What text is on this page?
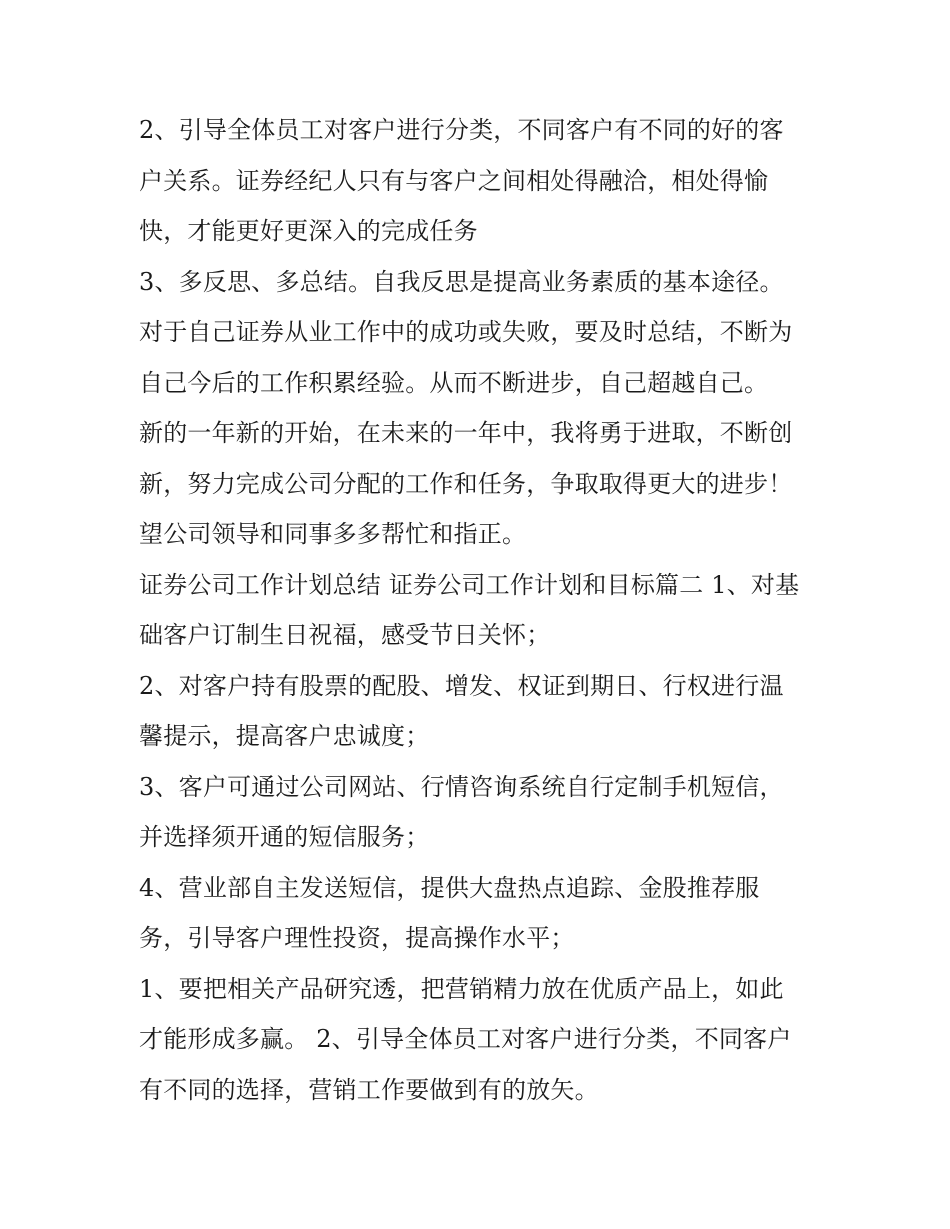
2、引导全体员工对客户进行分类，不同客户有不同的好的客
户关系。证券经纪人只有与客户之间相处得融洽，相处得愉
快，才能更好更深入的完成任务
3、多反思、多总结。自我反思是提高业务素质的基本途径。
对于自己证券从业工作中的成功或失败，要及时总结，不断为
自己今后的工作积累经验。从而不断进步，自己超越自己。
新的一年新的开始，在未来的一年中，我将勇于进取，不断创
新，努力完成公司分配的工作和任务，争取取得更大的进步！
望公司领导和同事多多帮忙和指正。
证券公司工作计划总结 证券公司工作计划和目标篇二 1、对基
础客户订制生日祝福，感受节日关怀；
2、对客户持有股票的配股、增发、权证到期日、行权进行温
馨提示，提高客户忠诚度；
3、客户可通过公司网站、行情咨询系统自行定制手机短信，
并选择须开通的短信服务；
4、营业部自主发送短信，提供大盘热点追踪、金股推荐服
务，引导客户理性投资，提高操作水平；
1、要把相关产品研究透，把营销精力放在优质产品上，如此
才能形成多赢。 2、引导全体员工对客户进行分类，不同客户
有不同的选择，营销工作要做到有的放矢。
